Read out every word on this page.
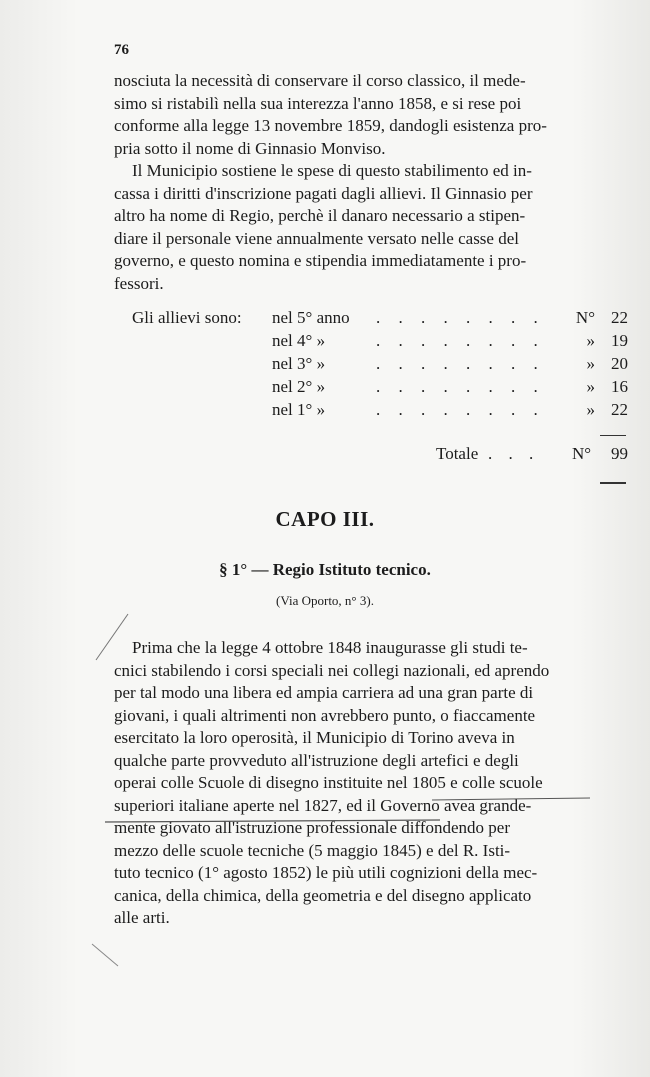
76

nosciuta la necessità di conservare il corso classico, il mede-

simo si ristabilì nella sua interezza l'anno 1858, e si rese poi

conforme alla legge 13 novembre 1859, dandogli esistenza pro-

pria sotto il nome di Ginnasio Monviso.

Il Municipio sostiene le spese di questo stabilimento ed in-

cassa i diritti d'inscrizione pagati dagli allievi. Il Ginnasio per

altro ha nome di Regio, perchè il danaro necessario a stipen-

diare il personale viene annualmente versato nelle casse del

governo, e questo nomina e stipendia immediatamente i pro-

fessori.

Gli allievi sono: nel 5° anno . . . . . . . .	N° 22
nel 4° »	. . . . . . . .	» 19
nel 3° »	. . . . . . . .	» 20
nel 2° »	. . . . . . . .	» 16
nel 1° »	. . . . . . . .	» 22
Totale . . . N° 99
CAPO III.
§ 1° — Regio Istituto tecnico.
(Via Oporto, n° 3).

Prima che la legge 4 ottobre 1848 inaugurasse gli studi te-

cnici stabilendo i corsi speciali nei collegi nazionali, ed aprendo

per tal modo una libera ed ampia carriera ad una gran parte di

giovani, i quali altrimenti non avrebbero punto, o fiaccamente

esercitato la loro operosità, il Municipio di Torino aveva in

qualche parte provveduto all'istruzione degli artefici e degli

operai colle Scuole di disegno instituite nel 1805 e colle scuole

superiori italiane aperte nel 1827, ed il Governo avea grande-

mente giovato all'istruzione professionale diffondendo per

mezzo delle scuole tecniche (5 maggio 1845) e del R. Isti-

tuto tecnico (1° agosto 1852) le più utili cognizioni della mec-

canica, della chimica, della geometria e del disegno applicato

alle arti.
